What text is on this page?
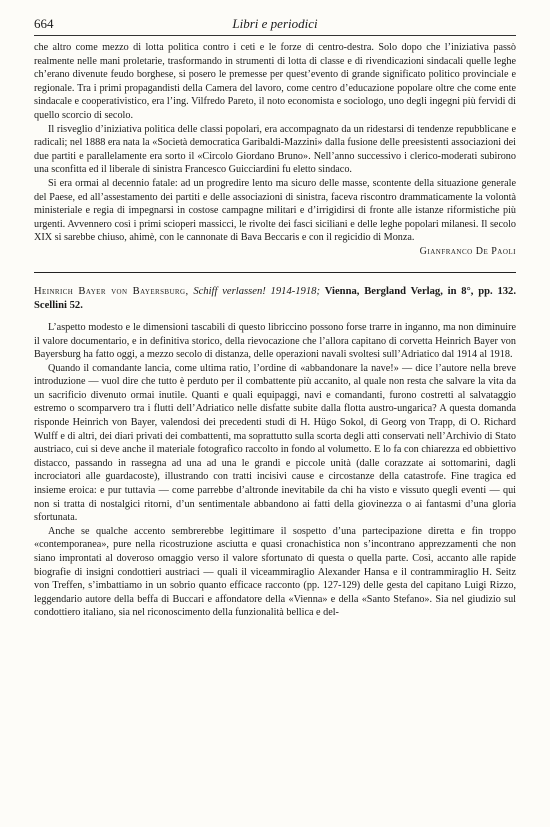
664	Libri e periodici

che altro come mezzo di lotta politica contro i ceti e le forze di centro-destra. Solo dopo che l’iniziativa passò realmente nelle mani proletarie, trasformando in strumenti di lotta di classe e di rivendicazioni sindacali quelle leghe ch’erano divenute feudo borghese, si posero le premesse per quest’evento di grande significato politico provinciale e regionale. Tra i primi propagandisti della Camera del lavoro, come centro d’educazione popolare oltre che come ente sindacale e cooperativistico, era l’ing. Vilfredo Pareto, il noto economista e sociologo, uno degli ingegni più fervidi di quello scorcio di secolo.

Il risveglio d’iniziativa politica delle classi popolari, era accompagnato da un ridestarsi di tendenze repubblicane e radicali; nel 1888 era nata la «Società democratica Garibaldi-Mazzini» dalla fusione delle preesistenti associazioni dei due partiti e parallelamente era sorto il «Circolo Giordano Bruno». Nell’anno successivo i clerico-moderati subirono una sconfitta ed il liberale di sinistra Francesco Guicciardini fu eletto sindaco.

Si era ormai al decennio fatale: ad un progredire lento ma sicuro delle masse, scontente della situazione generale del Paese, ed all’assestamento dei partiti e delle associazioni di sinistra, faceva riscontro drammaticamente la volontà ministeriale e regia di impegnarsi in costose campagne militari e d’irrigidirsi di fronte alle istanze riformistiche più urgenti. Avvennero così i primi scioperi massicci, le rivolte dei fasci siciliani e delle leghe popolari milanesi. Il secolo XIX si sarebbe chiuso, ahimè, con le cannonate di Bava Beccaris e con il regicidio di Monza.

Gianfranco De Paoli

Heinrich Bayer von Bayersburg, Schiff verlassen! 1914-1918; Vienna, Bergland Verlag, in 8°, pp. 132. Scellini 52.

L’aspetto modesto e le dimensioni tascabili di questo libriccino possono forse trarre in inganno, ma non diminuire il valore documentario, e in definitiva storico, della rievocazione che l’allora capitano di corvetta Heinrich Bayer von Bayersburg ha fatto oggi, a mezzo secolo di distanza, delle operazioni navali svoltesi sull’Adriatico dal 1914 al 1918.

Quando il comandante lancia, come ultima ratio, l’ordine di «abbandonare la nave!» — dice l’autore nella breve introduzione — vuol dire che tutto è perduto per il combattente più accanito, al quale non resta che salvare la vita da un sacrificio divenuto ormai inutile. Quanti e quali equipaggi, navi e comandanti, furono costretti al salvataggio estremo o scomparvero tra i flutti dell’Adriatico nelle disfatte subite dalla flotta austro-ungarica? A questa domanda risponde Heinrich von Bayer, valendosi dei precedenti studi di H. Hügo Sokol, di Georg von Trapp, di O. Richard Wulff e di altri, dei diari privati dei combattenti, ma soprattutto sulla scorta degli atti conservati nell’Archivio di Stato austriaco, cui si deve anche il materiale fotografico raccolto in fondo al volumetto. E lo fa con chiarezza ed obbiettivo distacco, passando in rassegna ad una ad una le grandi e piccole unità (dalle corazzate ai sottomarini, dagli incrociatori alle guardacoste), illustrando con tratti incisivi cause e circostanze della catastrofe. Fine tragica ed insieme eroica: e pur tuttavia — come parrebbe d’altronde inevitabile da chi ha visto e vissuto quegli eventi — qui non si tratta di nostalgici ritorni, d’un sentimentale abbandono ai fatti della giovinezza o ai fantasmi d’una gloria sfortunata.

Anche se qualche accento sembrerebbe legittimare il sospetto d’una partecipazione diretta e fin troppo «contemporanea», pure nella ricostruzione asciutta e quasi cronachistica non s’incontrano apprezzamenti che non siano improntati al doveroso omaggio verso il valore sfortunato di questa o quella parte. Così, accanto alle rapide biografie di insigni condottieri austriaci — quali il viceammiraglio Alexander Hansa e il contrammiraglio H. Seitz von Treffen, s’imbattiamo in un sobrio quanto efficace racconto (pp. 127-129) delle gesta del capitano Luigi Rizzo, leggendario autore della beffa di Buccari e affondatore della «Vienna» e della «Santo Stefano». Sia nel giudizio sul condottiero italiano, sia nel riconoscimento della funzionalità bellica e del-
